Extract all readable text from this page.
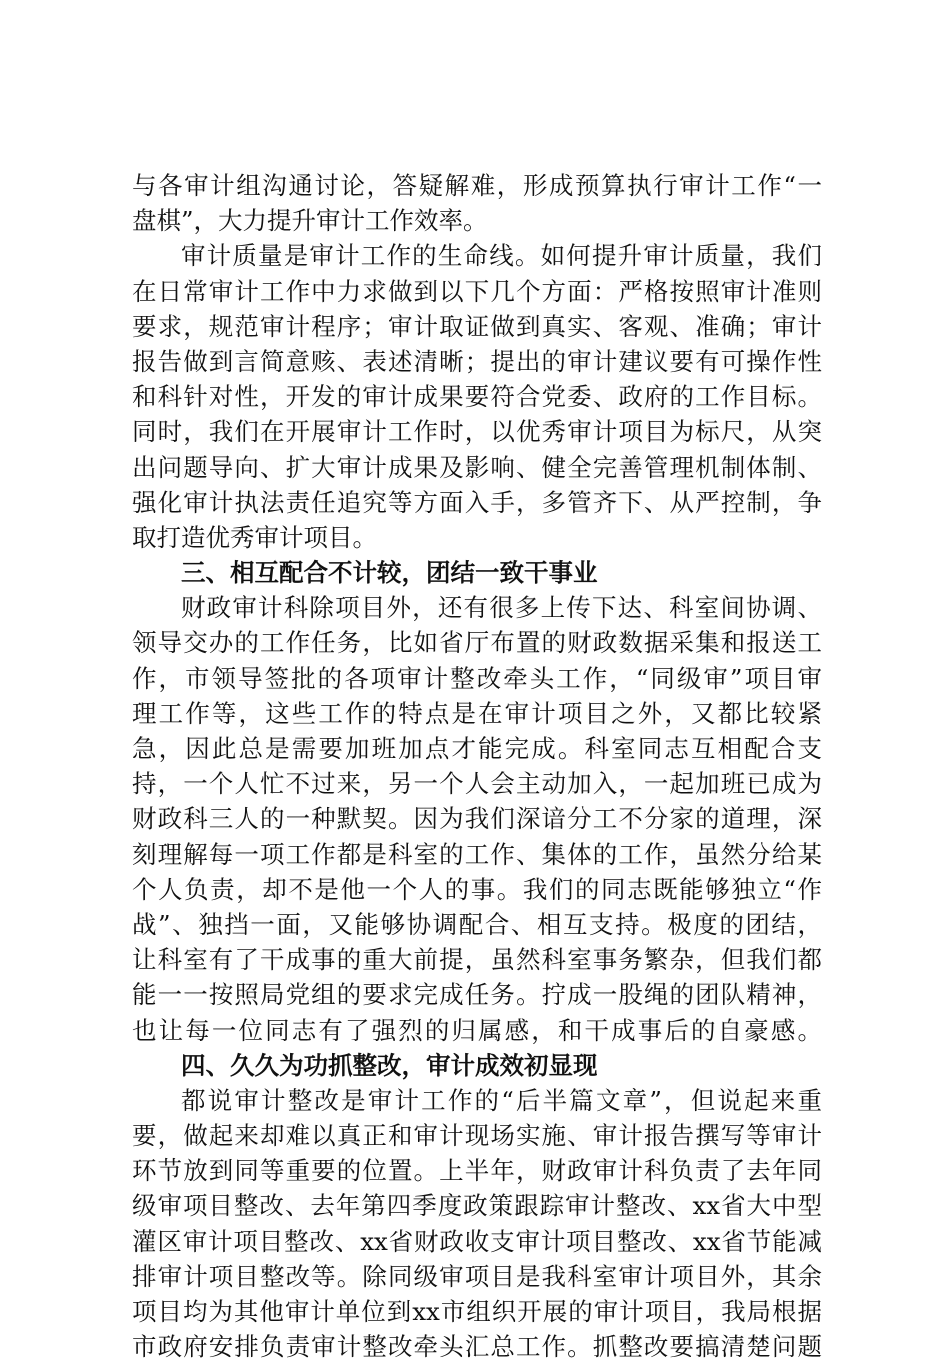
与各审计组沟通讨论，答疑解难，形成预算执行审计工作“一
盘棋”，大力提升审计工作效率。
审计质量是审计工作的生命线。如何提升审计质量，我们
在日常审计工作中力求做到以下几个方面：严格按照审计准则
要求，规范审计程序；审计取证做到真实、客观、准确；审计
报告做到言简意赅、表述清晰；提出的审计建议要有可操作性
和科针对性，开发的审计成果要符合党委、政府的工作目标。
同时，我们在开展审计工作时，以优秀审计项目为标尺，从突
出问题导向、扩大审计成果及影响、健全完善管理机制体制、
强化审计执法责任追究等方面入手，多管齐下、从严控制，争
取打造优秀审计项目。
三、相互配合不计较，团结一致干事业
财政审计科除项目外，还有很多上传下达、科室间协调、
领导交办的工作任务，比如省厅布置的财政数据采集和报送工
作，市领导签批的各项审计整改牵头工作，“同级审”项目审
理工作等，这些工作的特点是在审计项目之外，又都比较紧
急，因此总是需要加班加点才能完成。科室同志互相配合支
持，一个人忙不过来，另一个人会主动加入，一起加班已成为
财政科三人的一种默契。因为我们深谙分工不分家的道理，深
刻理解每一项工作都是科室的工作、集体的工作，虽然分给某
个人负责，却不是他一个人的事。我们的同志既能够独立“作
战”、独挡一面，又能够协调配合、相互支持。极度的团结，
让科室有了干成事的重大前提，虽然科室事务繁杂，但我们都
能一一按照局党组的要求完成任务。拧成一股绳的团队精神，
也让每一位同志有了强烈的归属感，和干成事后的自豪感。
四、久久为功抓整改，审计成效初显现
都说审计整改是审计工作的“后半篇文章”，但说起来重
要，做起来却难以真正和审计现场实施、审计报告撰写等审计
环节放到同等重要的位置。上半年，财政审计科负责了去年同
级审项目整改、去年第四季度政策跟踪审计整改、xx省大中型
灌区审计项目整改、xx省财政收支审计项目整改、xx省节能减
排审计项目整改等。除同级审项目是我科室审计项目外，其余
项目均为其他审计单位到xx市组织开展的审计项目，我局根据
市政府安排负责审计整改牵头汇总工作。抓整改要搞清楚问题
